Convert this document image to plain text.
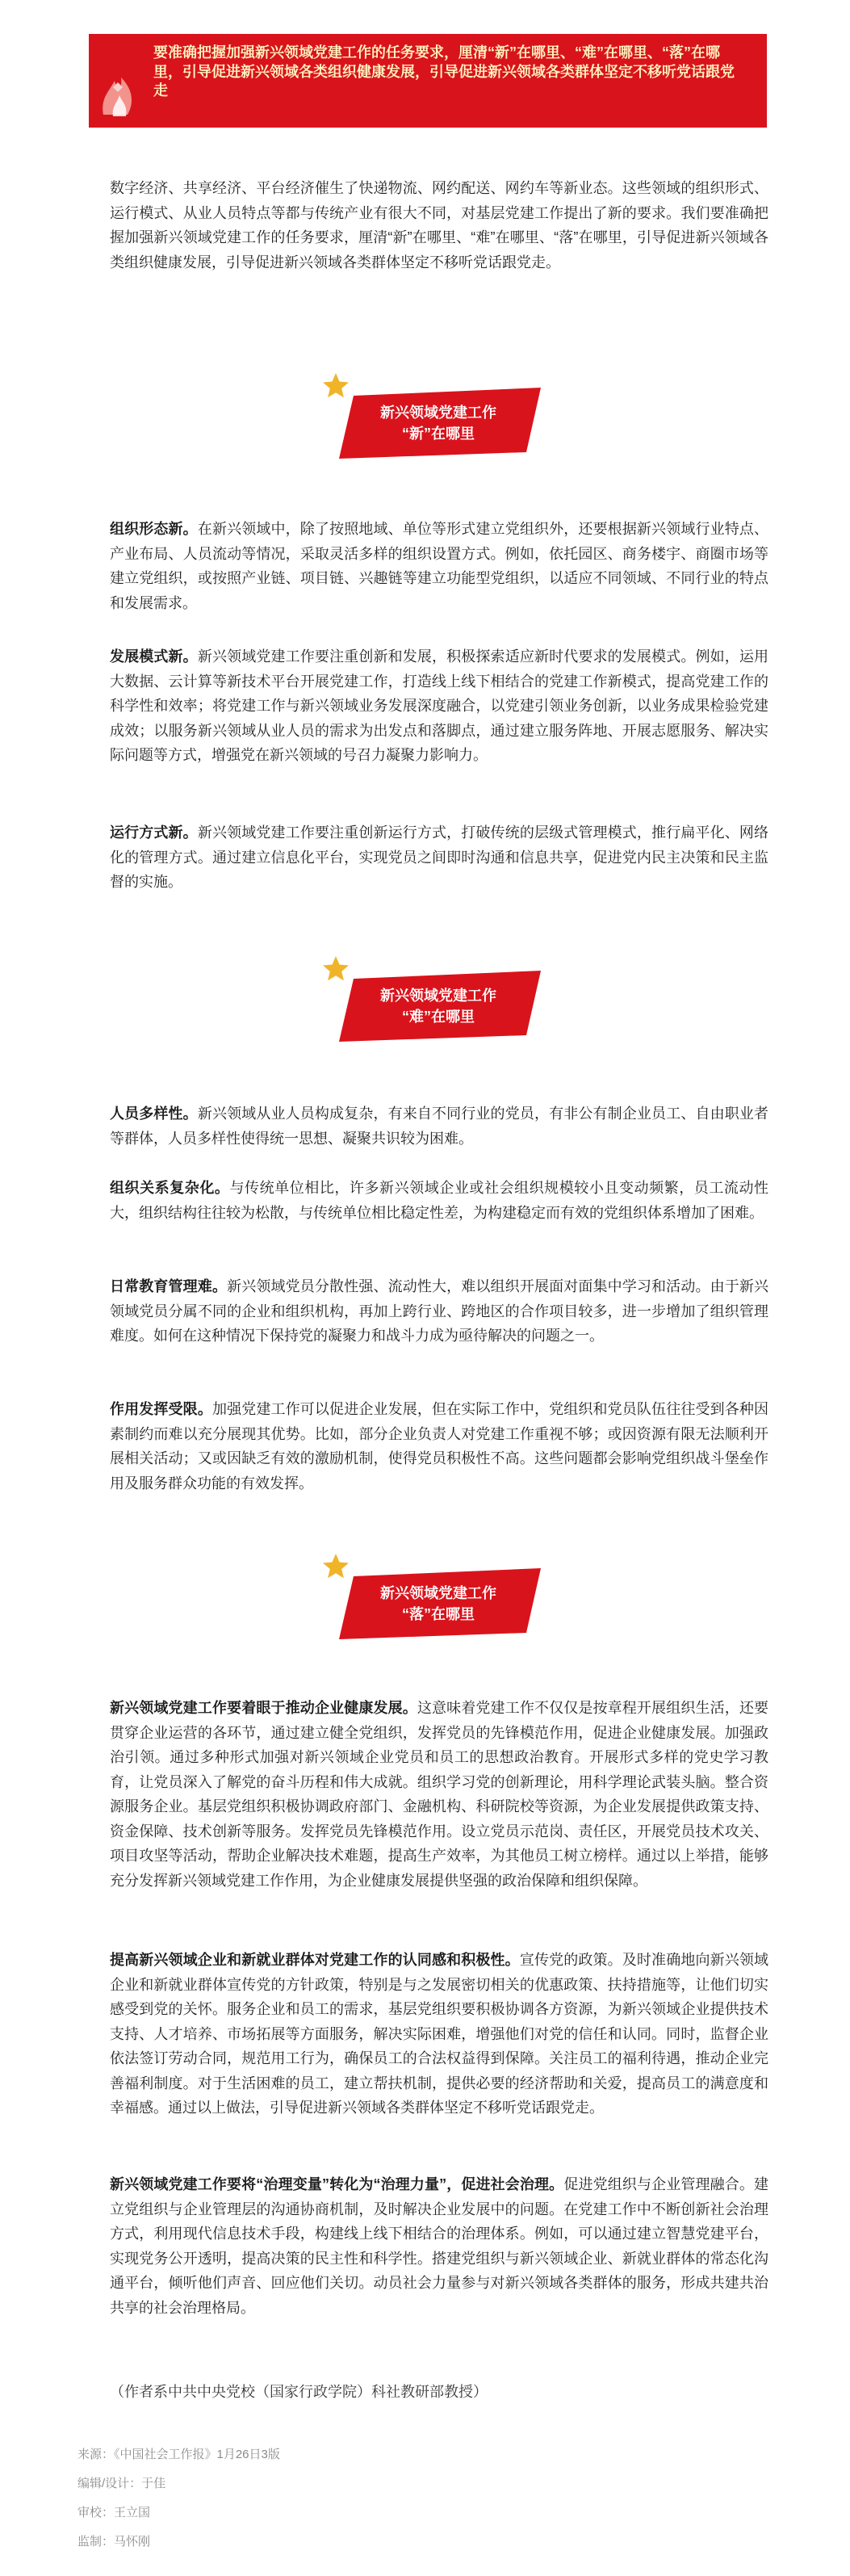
要准确把握加强新兴领域党建工作的任务要求，厘清“新”在哪里、“难”在哪里、“落”在哪里，引导促进新兴领域各类组织健康发展，引导促进新兴领域各类群体坚定不移听党话跟党走

数字经济、共享经济、平台经济催生了快递物流、网约配送、网约车等新业态。这些领域的组织形式、运行模式、从业人员特点等都与传统产业有很大不同，对基层党建工作提出了新的要求。我们要准确把握加强新兴领域党建工作的任务要求，厘清“新”在哪里、“难”在哪里、“落”在哪里，引导促进新兴领域各类组织健康发展，引导促进新兴领域各类群体坚定不移听党话跟党走。

新兴领域党建工作
“新”在哪里

组织形态新。在新兴领域中，除了按照地域、单位等形式建立党组织外，还要根据新兴领域行业特点、产业布局、人员流动等情况，采取灵活多样的组织设置方式。例如，依托园区、商务楼宇、商圈市场等建立党组织，或按照产业链、项目链、兴趣链等建立功能型党组织，以适应不同领域、不同行业的特点和发展需求。

发展模式新。新兴领域党建工作要注重创新和发展，积极探索适应新时代要求的发展模式。例如，运用大数据、云计算等新技术平台开展党建工作，打造线上线下相结合的党建工作新模式，提高党建工作的科学性和效率；将党建工作与新兴领域业务发展深度融合，以党建引领业务创新，以业务成果检验党建成效；以服务新兴领域从业人员的需求为出发点和落脚点，通过建立服务阵地、开展志愿服务、解决实际问题等方式，增强党在新兴领域的号召力凝聚力影响力。

运行方式新。新兴领域党建工作要注重创新运行方式，打破传统的层级式管理模式，推行扁平化、网络化的管理方式。通过建立信息化平台，实现党员之间即时沟通和信息共享，促进党内民主决策和民主监督的实施。

新兴领域党建工作
“难”在哪里

人员多样性。新兴领域从业人员构成复杂，有来自不同行业的党员，有非公有制企业员工、自由职业者等群体，人员多样性使得统一思想、凝聚共识较为困难。

组织关系复杂化。与传统单位相比，许多新兴领域企业或社会组织规模较小且变动频繁，员工流动性大，组织结构往往较为松散，与传统单位相比稳定性差，为构建稳定而有效的党组织体系增加了困难。

日常教育管理难。新兴领域党员分散性强、流动性大，难以组织开展面对面集中学习和活动。由于新兴领域党员分属不同的企业和组织机构，再加上跨行业、跨地区的合作项目较多，进一步增加了组织管理难度。如何在这种情况下保持党的凝聚力和战斗力成为亟待解决的问题之一。

作用发挥受限。加强党建工作可以促进企业发展，但在实际工作中，党组织和党员队伍往往受到各种因素制约而难以充分展现其优势。比如，部分企业负责人对党建工作重视不够；或因资源有限无法顺利开展相关活动；又或因缺乏有效的激励机制，使得党员积极性不高。这些问题都会影响党组织战斗堡垒作用及服务群众功能的有效发挥。

新兴领域党建工作
“落”在哪里

新兴领域党建工作要着眼于推动企业健康发展。这意味着党建工作不仅仅是按章程开展组织生活，还要贯穿企业运营的各环节，通过建立健全党组织，发挥党员的先锋模范作用，促进企业健康发展。加强政治引领。通过多种形式加强对新兴领域企业党员和员工的思想政治教育。开展形式多样的党史学习教育，让党员深入了解党的奋斗历程和伟大成就。组织学习党的创新理论，用科学理论武装头脑。整合资源服务企业。基层党组织积极协调政府部门、金融机构、科研院校等资源，为企业发展提供政策支持、资金保障、技术创新等服务。发挥党员先锋模范作用。设立党员示范岗、责任区，开展党员技术攻关、项目攻坚等活动，帮助企业解决技术难题，提高生产效率，为其他员工树立榜样。通过以上举措，能够充分发挥新兴领域党建工作作用，为企业健康发展提供坚强的政治保障和组织保障。

提高新兴领域企业和新就业群体对党建工作的认同感和积极性。宣传党的政策。及时准确地向新兴领域企业和新就业群体宣传党的方针政策，特别是与之发展密切相关的优惠政策、扶持措施等，让他们切实感受到党的关怀。服务企业和员工的需求，基层党组织要积极协调各方资源，为新兴领域企业提供技术支持、人才培养、市场拓展等方面服务，解决实际困难，增强他们对党的信任和认同。同时，监督企业依法签订劳动合同，规范用工行为，确保员工的合法权益得到保障。关注员工的福利待遇，推动企业完善福利制度。对于生活困难的员工，建立帮扶机制，提供必要的经济帮助和关爱，提高员工的满意度和幸福感。通过以上做法，引导促进新兴领域各类群体坚定不移听党话跟党走。

新兴领域党建工作要将“治理变量”转化为“治理力量”，促进社会治理。促进党组织与企业管理融合。建立党组织与企业管理层的沟通协商机制，及时解决企业发展中的问题。在党建工作中不断创新社会治理方式，利用现代信息技术手段，构建线上线下相结合的治理体系。例如，可以通过建立智慧党建平台，实现党务公开透明，提高决策的民主性和科学性。搭建党组织与新兴领域企业、新就业群体的常态化沟通平台，倾听他们声音、回应他们关切。动员社会力量参与对新兴领域各类群体的服务，形成共建共治共享的社会治理格局。

（作者系中共中央党校（国家行政学院）科社教研部教授）
来源：《中国社会工作报》1月26日3版
编辑/设计：于佳
审校：王立国
监制：马怀刚
